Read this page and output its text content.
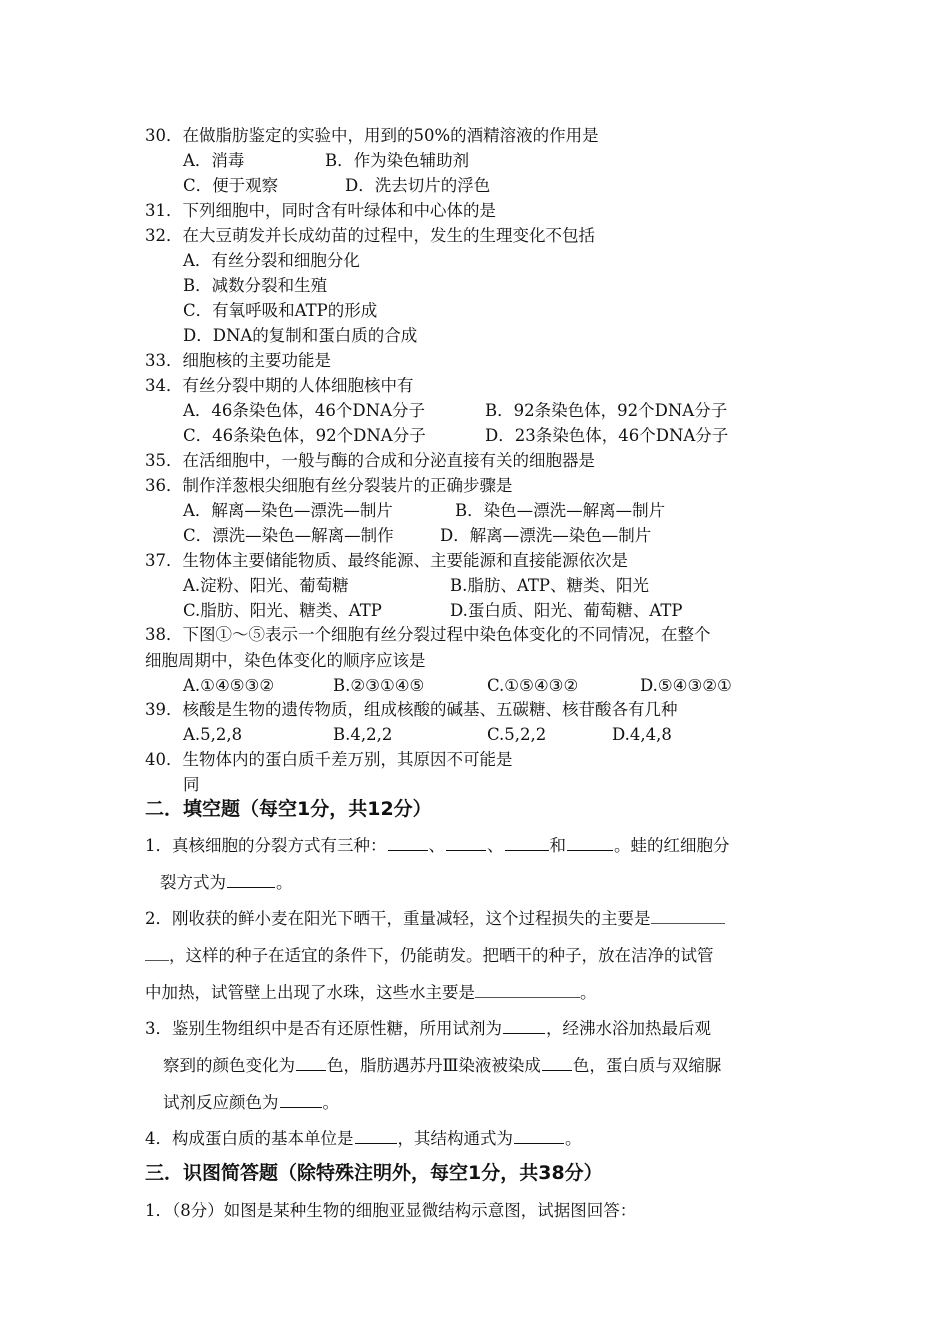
30．在做脂肪鉴定的实验中，用到的50%的酒精溶液的作用是
A．消毒	B．作为染色辅助剂
C．便于观察	D．洗去切片的浮色
31．下列细胞中，同时含有叶绿体和中心体的是
32．在大豆萌发并长成幼苗的过程中，发生的生理变化不包括
A．有丝分裂和细胞分化
B．减数分裂和生殖
C．有氧呼吸和ATP的形成
D．DNA的复制和蛋白质的合成
33．细胞核的主要功能是
34．有丝分裂中期的人体细胞核中有
A．46条染色体，46个DNA分子	B．92条染色体，92个DNA分子
C．46条染色体，92个DNA分子	D．23条染色体，46个DNA分子
35．在活细胞中，一般与酶的合成和分泌直接有关的细胞器是
36．制作洋葱根尖细胞有丝分裂装片的正确步骤是
A．解离—染色—漂洗—制片	B．染色—漂洗—解离—制片
C．漂洗—染色—解离—制作	D．解离—漂洗—染色—制片
37．生物体主要储能物质、最终能源、主要能源和直接能源依次是
A.淀粉、阳光、葡萄糖	B.脂肪、ATP、糖类、阳光
C.脂肪、阳光、糖类、ATP	D.蛋白质、阳光、葡萄糖、ATP
38．下图①～⑤表示一个细胞有丝分裂过程中染色体变化的不同情况，在整个
细胞周期中，染色体变化的顺序应该是
A.①④⑤③②	B.②③①④⑤	C.①⑤④③②	D.⑤④③②①
39．核酸是生物的遗传物质，组成核酸的碱基、五碳糖、核苷酸各有几种
A.5,2,8	B.4,2,2	C.5,2,2	D.4,4,8
40．生物体内的蛋白质千差万别，其原因不可能是
同
二．填空题（每空1分，共12分）
1．真核细胞的分裂方式有三种：	、	、	和	。蛙的红细胞分
裂方式为	。
2．刚收获的鲜小麦在阳光下晒干，重量减轻，这个过程损失的主要是
，这样的种子在适宜的条件下，仍能萌发。把晒干的种子，放在洁净的试管
中加热，试管壁上出现了水珠，这些水主要是	。
3．鉴别生物组织中是否有还原性糖，所用试剂为	，经沸水浴加热最后观
察到的颜色变化为 色，脂肪遇苏丹Ⅲ染液被染成 色，蛋白质与双缩脲
试剂反应颜色为	。
4．构成蛋白质的基本单位是	，其结构通式为	。
三．识图简答题（除特殊注明外，每空1分，共38分）
1．（8分）如图是某种生物的细胞亚显微结构示意图，试据图回答：
